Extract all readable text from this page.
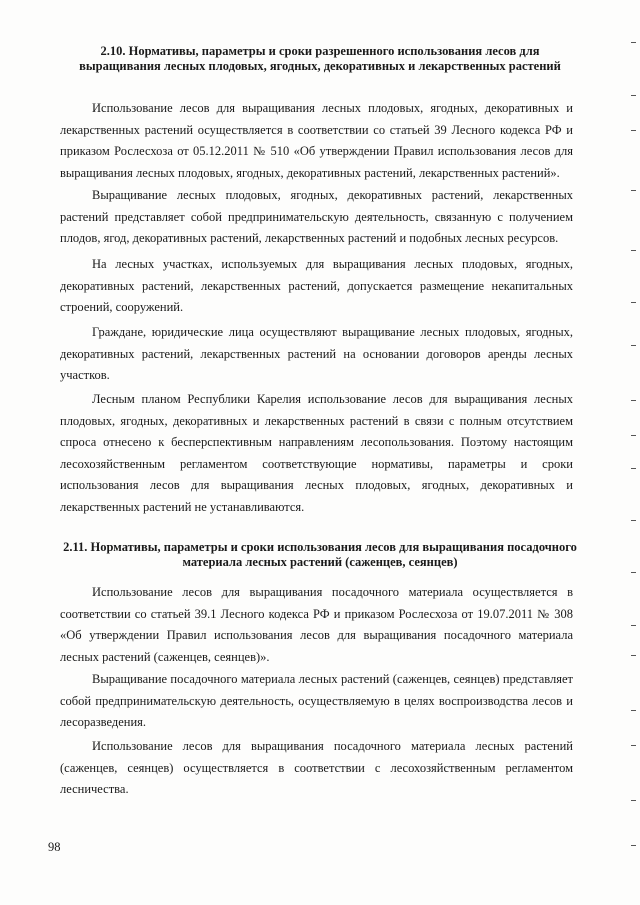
2.10. Нормативы, параметры и сроки разрешенного использования лесов для выращивания лесных плодовых, ягодных, декоративных и лекарственных растений

Использование лесов для выращивания лесных плодовых, ягодных, декоративных и лекарственных растений осуществляется в соответствии со статьей 39 Лесного кодекса РФ и приказом Рослесхоза от 05.12.2011 № 510 «Об утверждении Правил использования лесов для выращивания лесных плодовых, ягодных, декоративных растений, лекарственных растений».

Выращивание лесных плодовых, ягодных, декоративных растений, лекарственных растений представляет собой предпринимательскую деятельность, связанную с получением плодов, ягод, декоративных растений, лекарственных растений и подобных лесных ресурсов.

На лесных участках, используемых для выращивания лесных плодовых, ягодных, декоративных растений, лекарственных растений, допускается размещение некапитальных строений, сооружений.

Граждане, юридические лица осуществляют выращивание лесных плодовых, ягодных, декоративных растений, лекарственных растений на основании договоров аренды лесных участков.

Лесным планом Республики Карелия использование лесов для выращивания лесных плодовых, ягодных, декоративных и лекарственных растений в связи с полным отсутствием спроса отнесено к бесперспективным направлениям лесопользования. Поэтому настоящим лесохозяйственным регламентом соответствующие нормативы, параметры и сроки использования лесов для выращивания лесных плодовых, ягодных, декоративных и лекарственных растений не устанавливаются.

2.11. Нормативы, параметры и сроки использования лесов для выращивания посадочного материала лесных растений (саженцев, сеянцев)

Использование лесов для выращивания посадочного материала осуществляется в соответствии со статьей 39.1 Лесного кодекса РФ и приказом Рослесхоза от 19.07.2011 № 308 «Об утверждении Правил использования лесов для выращивания посадочного материала лесных растений (саженцев, сеянцев)».

Выращивание посадочного материала лесных растений (саженцев, сеянцев) представляет собой предпринимательскую деятельность, осуществляемую в целях воспроизводства лесов и лесоразведения.

Использование лесов для выращивания посадочного материала лесных растений (саженцев, сеянцев) осуществляется в соответствии с лесохозяйственным регламентом лесничества.

98
